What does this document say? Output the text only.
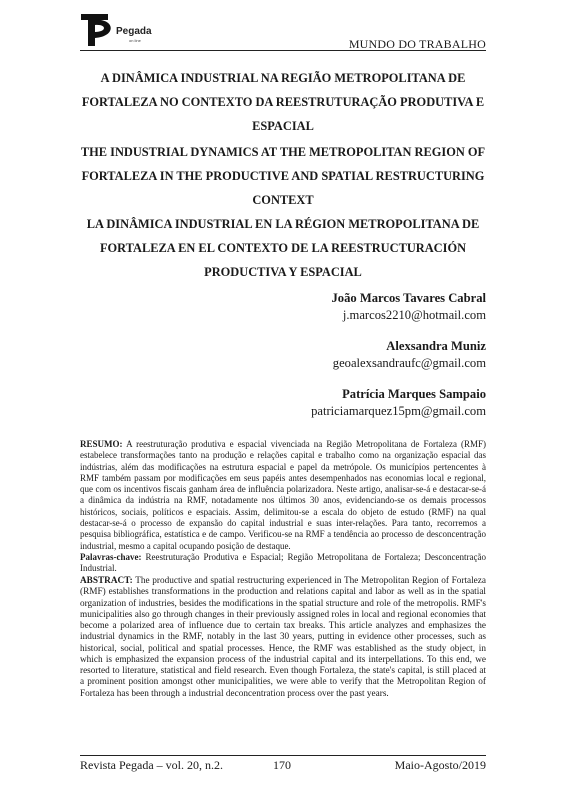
Pegada
on line	MUNDO DO TRABALHO
A DINÂMICA INDUSTRIAL NA REGIÃO METROPOLITANA DE FORTALEZA NO CONTEXTO DA REESTRUTURAÇÃO PRODUTIVA E ESPACIAL
THE INDUSTRIAL DYNAMICS AT THE METROPOLITAN REGION OF FORTALEZA IN THE PRODUCTIVE AND SPATIAL RESTRUCTURING CONTEXT
LA DINÂMICA INDUSTRIAL EN LA RÉGION METROPOLITANA DE FORTALEZA EN EL CONTEXTO DE LA REESTRUCTURACIÓN PRODUCTIVA Y ESPACIAL
João Marcos Tavares Cabral
j.marcos2210@hotmail.com
Alexsandra Muniz
geoalexsandraufc@gmail.com
Patrícia Marques Sampaio
patriciamarquez15pm@gmail.com
RESUMO: A reestruturação produtiva e espacial vivenciada na Região Metropolitana de Fortaleza (RMF) estabelece transformações tanto na produção e relações capital e trabalho como na organização espacial das indústrias, além das modificações na estrutura espacial e papel da metrópole. Os municípios pertencentes à RMF também passam por modificações em seus papéis antes desempenhados nas economias local e regional, que com os incentivos fiscais ganham área de influência polarizadora. Neste artigo, analisar-se-á e destacar-se-á a dinâmica da indústria na RMF, notadamente nos últimos 30 anos, evidenciando-se os demais processos históricos, sociais, políticos e espaciais. Assim, delimitou-se a escala do objeto de estudo (RMF) na qual destacar-se-á o processo de expansão do capital industrial e suas inter-relações. Para tanto, recorremos a pesquisa bibliográfica, estatística e de campo. Verificou-se na RMF a tendência ao processo de desconcentração industrial, mesmo a capital ocupando posição de destaque.
Palavras-chave: Reestruturação Produtiva e Espacial; Região Metropolitana de Fortaleza; Desconcentração Industrial.
ABSTRACT: The productive and spatial restructuring experienced in The Metropolitan Region of Fortaleza (RMF) establishes transformations in the production and relations capital and labor as well as in the spatial organization of industries, besides the modifications in the spatial structure and role of the metropolis. RMF's municipalities also go through changes in their previously assigned roles in local and regional economies that become a polarized area of influence due to certain tax breaks. This article analyzes and emphasizes the industrial dynamics in the RMF, notably in the last 30 years, putting in evidence other processes, such as historical, social, political and spatial processes. Hence, the RMF was established as the study object, in which is emphasized the expansion process of the industrial capital and its interpellations. To this end, we resorted to literature, statistical and field research. Even though Fortaleza, the state's capital, is still placed at a prominent position amongst other municipalities, we were able to verify that the Metropolitan Region of Fortaleza has been through a industrial deconcentration process over the past years.
Revista Pegada – vol. 20, n.2.	170	Maio-Agosto/2019
